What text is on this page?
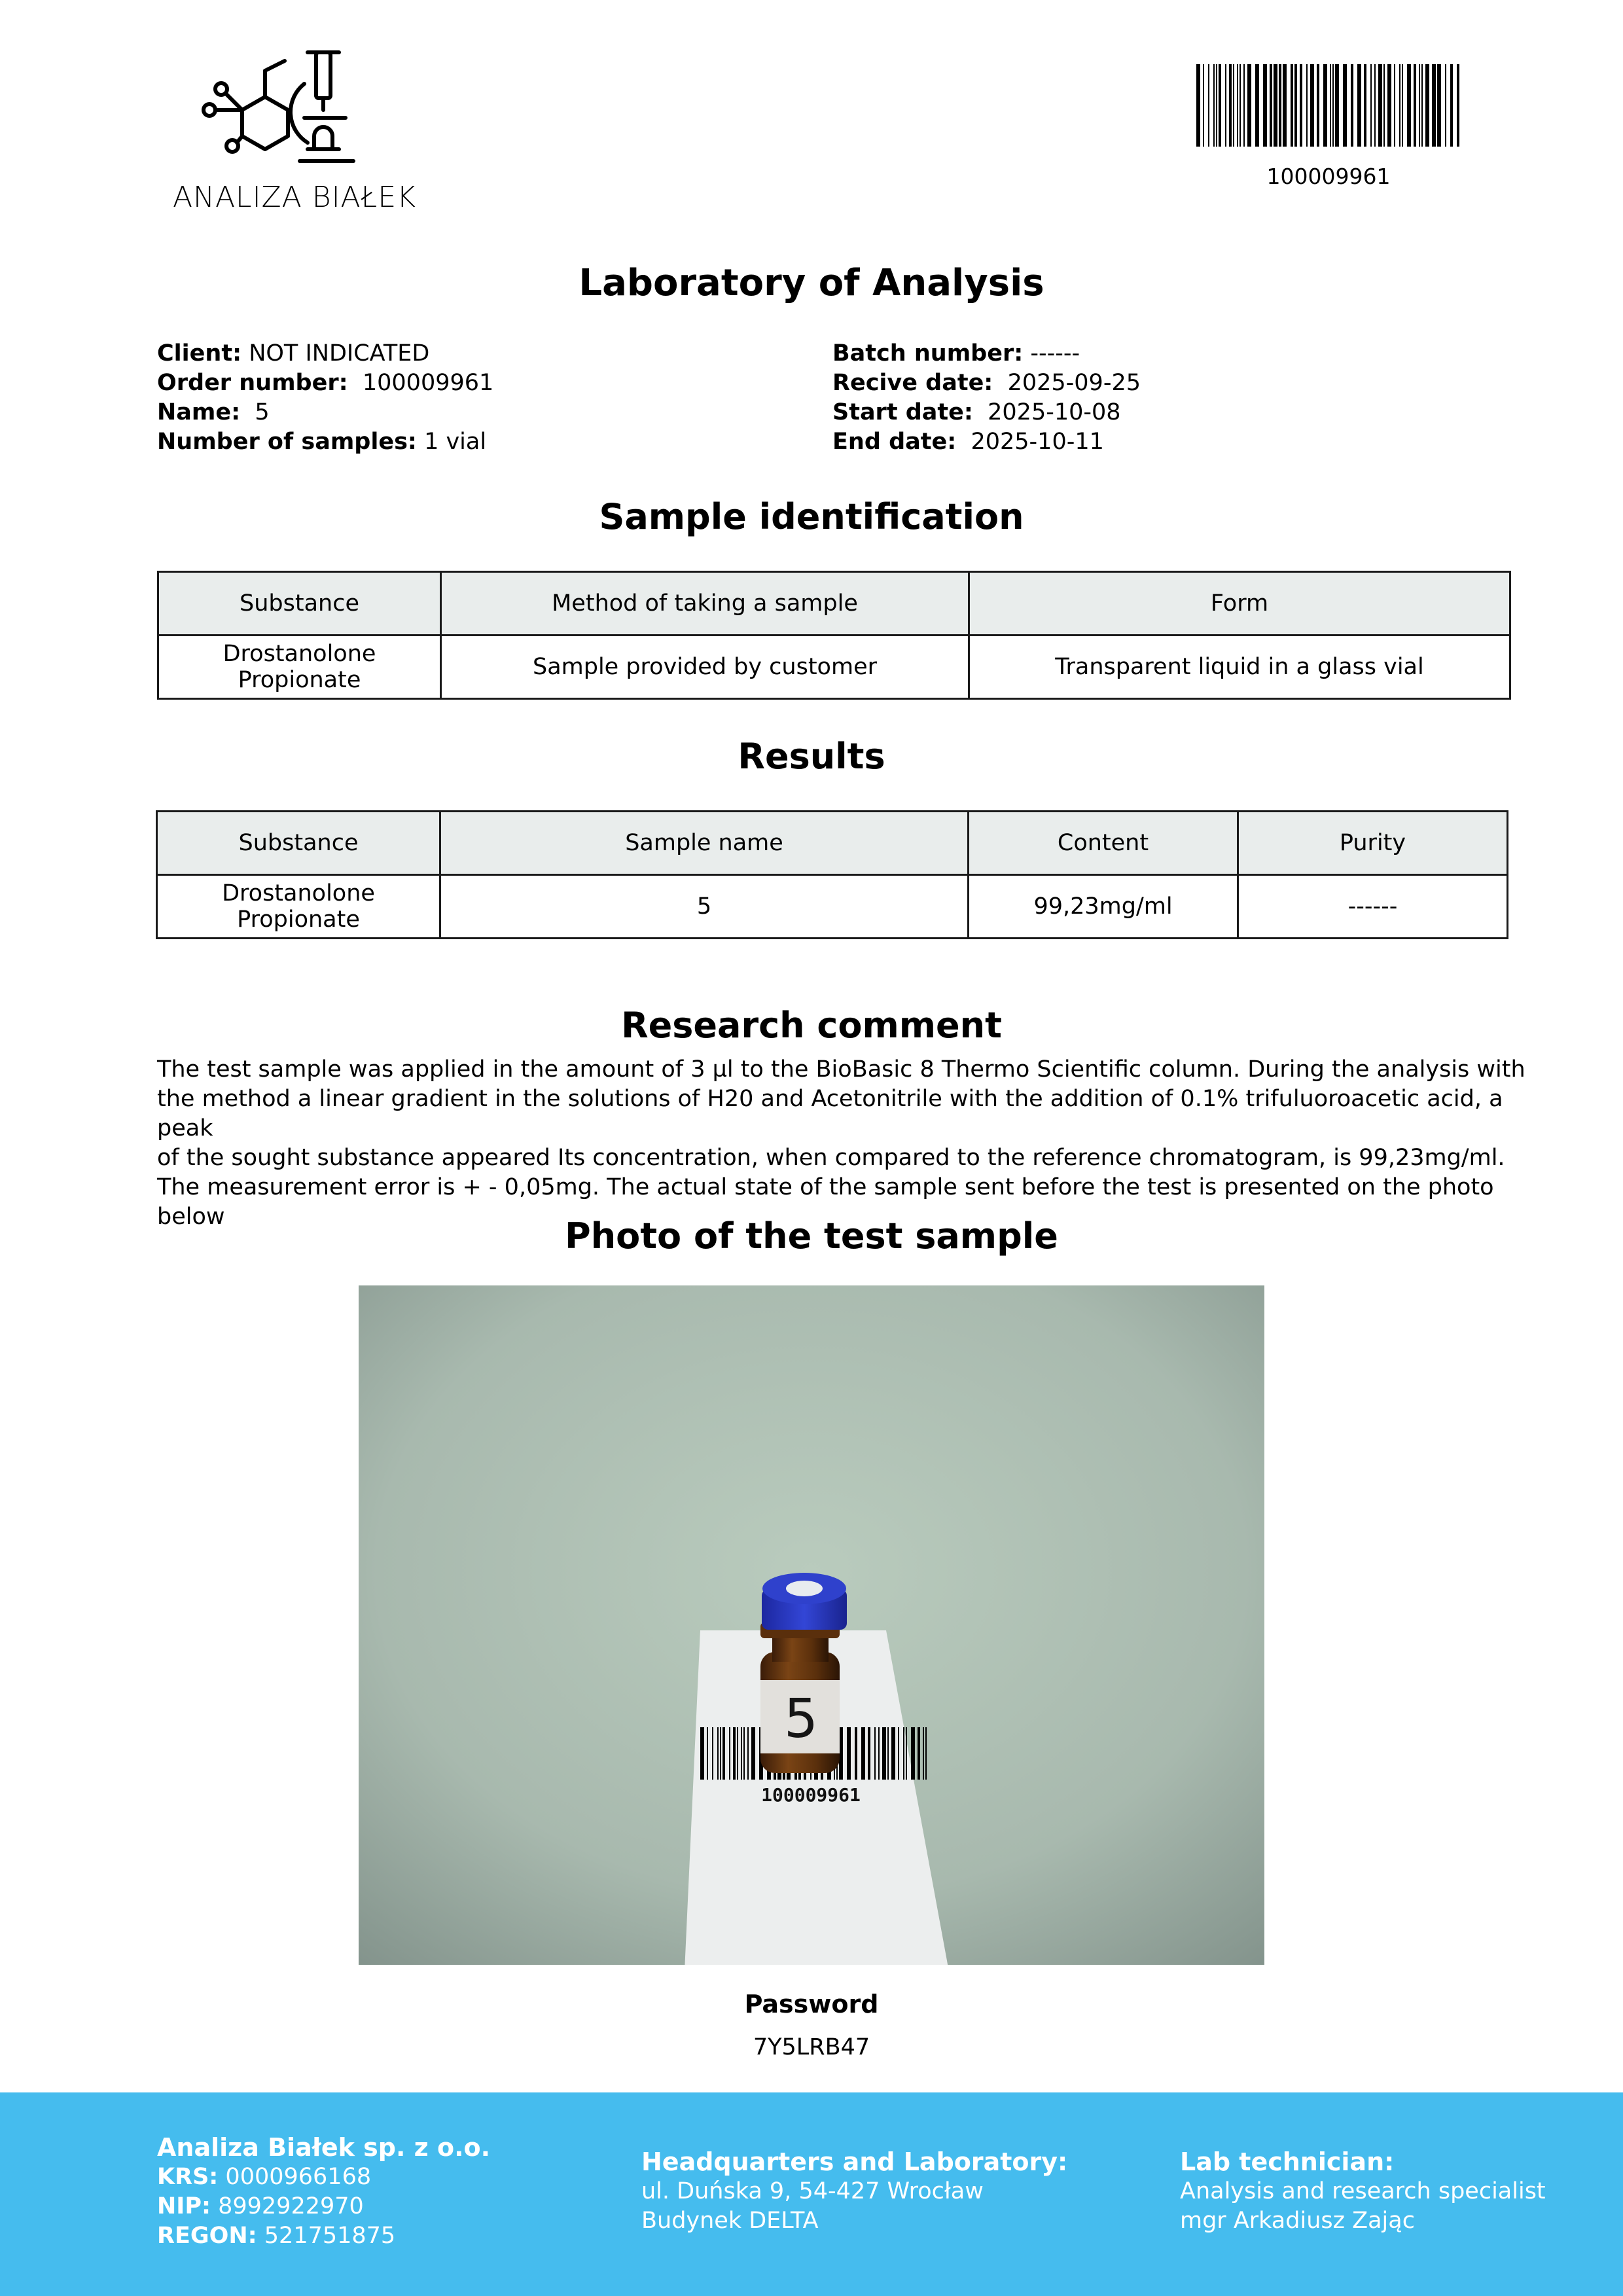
ANALIZA BIAŁEK
100009961
Laboratory of Analysis
Client: NOT INDICATED
Order number: 100009961
Name: 5
Number of samples: 1 vial
Batch number: ------
Recive date: 2025-09-25
Start date: 2025-10-08
End date: 2025-10-11
Sample identification
Substance	Method of taking a sample	Form
Drostanolone Propionate	Sample provided by customer	Transparent liquid in a glass vial
Results
Substance	Sample name	Content	Purity
Drostanolone Propionate	5	99,23mg/ml	------
Research comment
The test sample was applied in the amount of 3 µl to the BioBasic 8 Thermo Scientific column. During the analysis with
the method a linear gradient in the solutions of H20 and Acetonitrile with the addition of 0.1% trifuluoroacetic acid, a peak
of the sought substance appeared Its concentration, when compared to the reference chromatogram, is 99,23mg/ml.
The measurement error is + - 0,05mg. The actual state of the sample sent before the test is presented on the photo below	Photo of the test sample
100009961
5
Password
7Y5LRB47
Analiza Białek sp. z o.o.
KRS: 0000966168
NIP: 8992922970
REGON: 521751875
Headquarters and Laboratory:
ul. Duńska 9, 54-427 Wrocław
Budynek DELTA
Lab technician:
Analysis and research specialist
mgr Arkadiusz Zając
